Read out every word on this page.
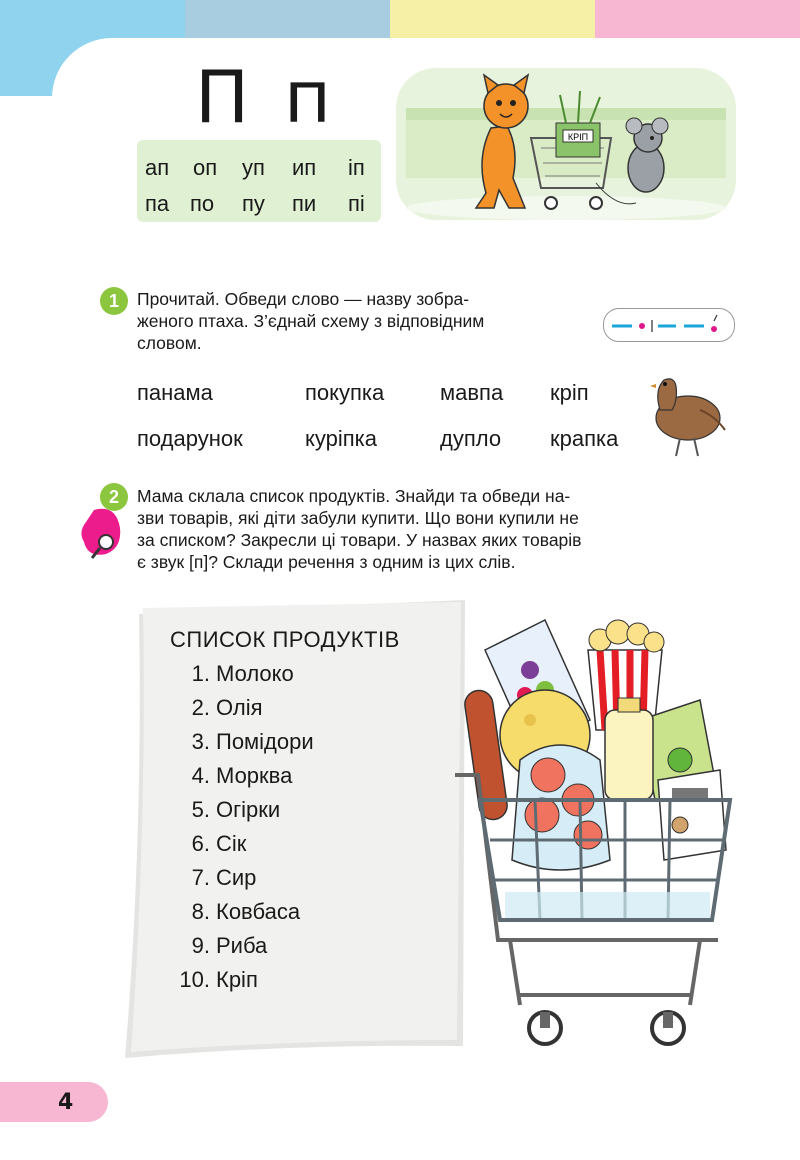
П п
ап оп уп ип іп
па по пу пи пі
КРІП
1	Прочитай. Обведи слово — назву зобра-
женого птаха. З’єднай схему з відповідним
словом.
панама	покупка	мавпа кріп
подарунок	куріпка	дупло крапка
2	Мама склала список продуктів. Знайди та обведи на-
зви товарів, які діти забули купити. Що вони купили не
за списком? Закресли ці товари. У назвах яких товарів
є звук [п]? Склади речення з одним із цих слів.
СПИСОК ПРОДУКТІВ
1. Молоко
2. Олія
3. Помідори
4. Морква
5. Огірки
6. Сік
7. Сир
8. Ковбаса
9. Риба
10. Кріп
4
